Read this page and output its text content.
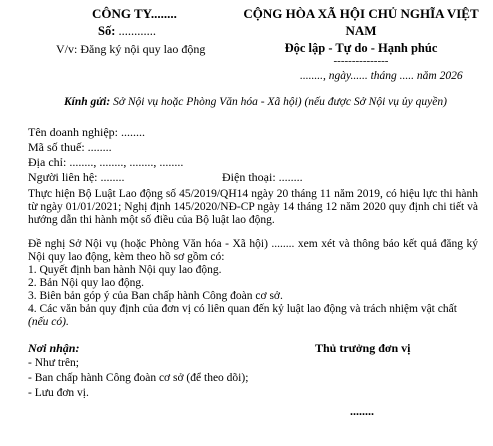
CÔNG TY........
Số: ............
V/v: Đăng ký nội quy lao động
CỘNG HÒA XÃ HỘI CHỦ NGHĨA VIỆT
NAM
Độc lập - Tự do - Hạnh phúc
---------------
........, ngày...... tháng ..... năm 2026
Kính gửi: Sở Nội vụ hoặc Phòng Văn hóa - Xã hội) (nếu được Sở Nội vụ ủy quyền)
Tên doanh nghiệp: ........
Mã số thuế: ........
Địa chỉ: ........, ........, ........, ........
Người liên hệ: ........	Điện thoại: ........
Thực hiện Bộ Luật Lao động số 45/2019/QH14 ngày 20 tháng 11 năm 2019, có hiệu lực thi hành từ ngày 01/01/2021; Nghị định 145/2020/NĐ-CP ngày 14 tháng 12 năm 2020 quy định chi tiết và hướng dẫn thi hành một số điều của Bộ luật lao động.
Đề nghị Sở Nội vụ (hoặc Phòng Văn hóa - Xã hội) ........ xem xét và thông báo kết quả đăng ký Nội quy lao động, kèm theo hồ sơ gồm có:
1. Quyết định ban hành Nội quy lao động.
2. Bản Nội quy lao động.
3. Biên bản góp ý của Ban chấp hành Công đoàn cơ sở.
4. Các văn bản quy định của đơn vị có liên quan đến kỷ luật lao động và trách nhiệm vật chất
(nếu có).
Nơi nhận:
- Như trên;
- Ban chấp hành Công đoàn cơ sở (để theo dõi);
- Lưu đơn vị.
Thủ trưởng đơn vị
........
